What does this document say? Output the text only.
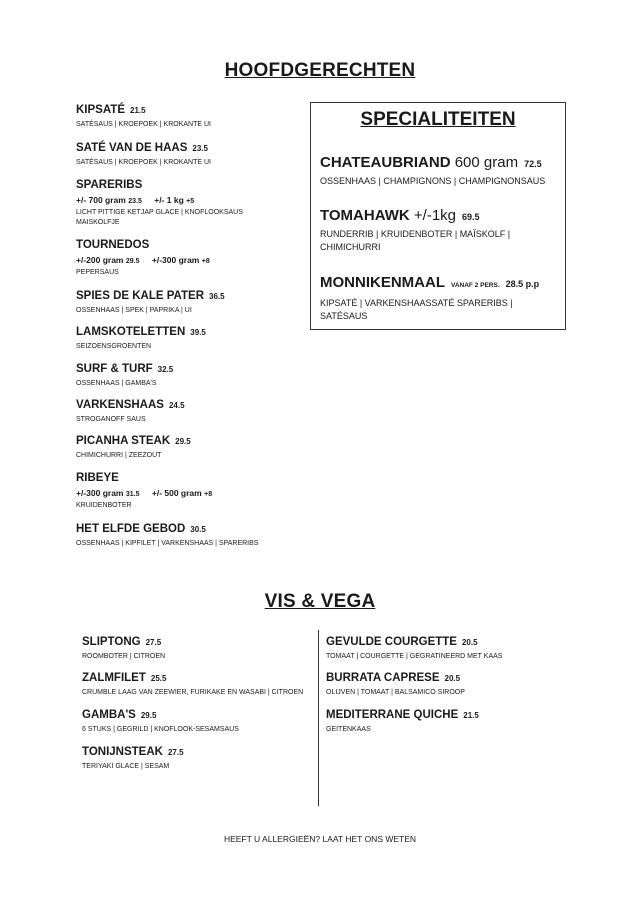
HOOFDGERECHTEN
KIPSATÉ 21.5
SATÉSAUS | KROEPOEK | KROKANTE UI
SATÉ VAN DE HAAS 23.5
SATÉSAUS | KROEPOEK | KROKANTE UI
SPARERIBS
+/- 700 gram 23.5 +/- 1 kg +5
LICHT PITTIGE KETJAP GLACE | KNOFLOOKSAUS
MAISKOLFJE
TOURNEDOS
+/-200 gram 29.5 +/-300 gram +8
PEPERSAUS
SPIES DE KALE PATER 36.5
OSSENHAAS | SPEK | PAPRIKA | UI
LAMSKOTELETTEN 39.5
SEIZOENSGROENTEN
SURF & TURF 32.5
OSSENHAAS | GAMBA'S
VARKENSHAAS 24.5
STROGANOFF SAUS
PICANHA STEAK 29.5
CHIMICHURRI | ZEEZOUT
RIBEYE
+/-300 gram 31.5 +/- 500 gram +8
KRUIDENBOTER
HET ELFDE GEBOD 30.5
OSSENHAAS | KIPFILET | VARKENSHAAS | SPARERIBS
SPECIALITEITEN
CHATEAUBRIAND 600 gram 72.5
OSSENHAAS | CHAMPIGNONS | CHAMPIGNONSAUS
TOMAHAWK +/-1kg 69.5
RUNDERRIB | KRUIDENBOTER | MAÏSKOLF | CHIMICHURRI
MONNIKENMAAL VANAF 2 PERS. 28.5 p.p
KIPSATÉ | VARKENSHAASSATÉ SPARERIBS | SATÉSAUS
VIS & VEGA
SLIPTONG 27.5
ROOMBOTER | CITROEN
ZALMFILET 25.5
CRUMBLE LAAG VAN ZEEWIER, FURIKAKE EN WASABI | CITROEN
GAMBA'S 29.5
6 STUKS | GEGRILD | KNOFLOOK-SESAMSAUS
TONIJNSTEAK 27.5
TERIYAKI GLACE | SESAM
GEVULDE COURGETTE 20.5
TOMAAT | COURGETTE | GEGRATINEERD MET KAAS
BURRATA CAPRESE 20.5
OLIJVEN | TOMAAT | BALSAMICO SIROOP
MEDITERRANE QUICHE 21.5
GEITENKAAS
HEEFT U ALLERGIEËN? LAAT HET ONS WETEN
